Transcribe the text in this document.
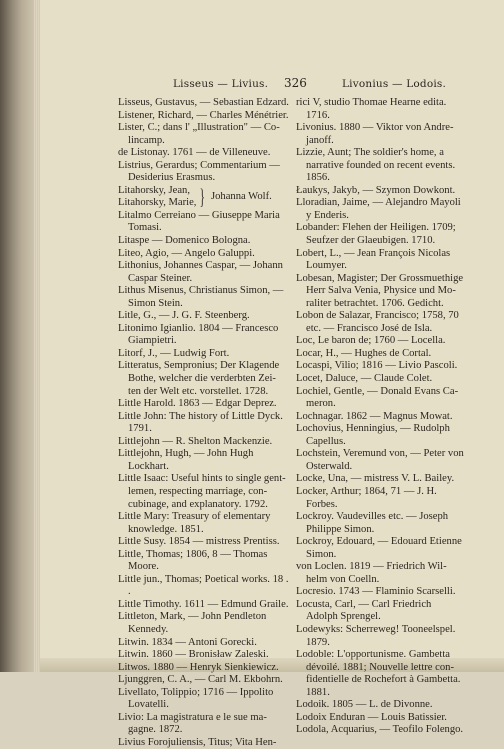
Lisseus — Livius. 326	Livonius — Lodois.
Lisseus, Gustavus, — Sebastian Edzard.
Listener, Richard, — Charles Ménétrier.
Lister, C.; dans l' „Illustration" — Co- lincamp.
de Listonay. 1761 — de Villeneuve.
Listrius, Gerardus; Commentarium — Desiderius Erasmus.
Litahorsky, Jean,
Litahorsky, Marie, } Johanna Wolf.
Litalmo Cerreiano — Giuseppe Maria Tomasi.
Litaspe — Domenico Bologna.
Liteo, Agio, — Angelo Galuppi.
Lithonius, Johannes Caspar, — Johann Caspar Steiner.
Lithus Misenus, Christianus Simon, — Simon Stein.
Litle, G., — J. G. F. Steenberg.
Litonimo Igianlio. 1804 — Francesco Giampietri.
Litorf, J., — Ludwig Fort.
Litteratus, Sempronius; Der Klagende Bothe, welcher die verderbten Zei- ten der Welt etc. vorstellet. 1728.
Little Harold. 1863 — Edgar Deprez.
Little John: The history of Little Dyck. 1791.
Littlejohn — R. Shelton Mackenzie.
Littlejohn, Hugh, — John Hugh Lockhart.
Little Isaac: Useful hints to single gent- lemen, respecting marriage, con- cubinage, and explanatory. 1792.
Little Mary: Treasury of elementary knowledge. 1851.
Little Susy. 1854 — mistress Prentiss.
Little, Thomas; 1806, 8 — Thomas Moore.
Little jun., Thomas; Poetical works. 18 . .
Little Timothy. 1611 — Edmund Graile.
Littleton, Mark, — John Pendleton Kennedy.
Litwin. 1834 — Antoni Gorecki.
Litwin. 1860 — Bronisław Zaleski.
Litwos. 1880 — Henryk Sienkiewicz.
Ljunggren, C. A., — Carl M. Ekbohrn.
Livellato, Tolippio; 1716 — Ippolito Lovatelli.
Livio: La magistratura e le sue ma- gagne. 1872.
Livius Forojuliensis, Titus; Vita Hen-
rici V, studio Thomae Hearne edita. 1716.
Livonius. 1880 — Viktor von Andre- janoff.
Lizzie, Aunt; The soldier's home, a narrative founded on recent events. 1856.
Łaukys, Jakyb, — Szymon Dowkont.
Lloradian, Jaime, — Alejandro Mayoli y Enderis.
Lobander: Flehen der Heiligen. 1709; Seufzer der Glaeubigen. 1710.
Lobert, L., — Jean François Nicolas Loumyer.
Lobesan, Magister; Der Grossmuethige Herr Salva Venia, Physice und Mo- raliter betrachtet. 1706. Gedicht.
Lobon de Salazar, Francisco; 1758, 70 etc. — Francisco José de Isla.
Loc, Le baron de; 1760 — Locella.
Locar, H., — Hughes de Cortal.
Locaspi, Vilio; 1816 — Livio Pascoli.
Locet, Daluce, — Claude Colet.
Lochiel, Gentle, — Donald Evans Ca- meron.
Lochnagar. 1862 — Magnus Mowat.
Lochovius, Henningius, — Rudolph Capellus.
Lochstein, Veremund von, — Peter von Osterwald.
Locke, Una, — mistress V. L. Bailey.
Locker, Arthur; 1864, 71 — J. H. Forbes.
Lockroy. Vaudevilles etc. — Joseph Philippe Simon.
Lockroy, Edouard, — Edouard Etienne Simon.
von Loclen. 1819 — Friedrich Wil- helm von Coelln.
Locresio. 1743 — Flaminio Scarselli.
Locusta, Carl, — Carl Friedrich Adolph Sprengel.
Lodewyks: Scherreweg! Tooneelspel. 1879.
Lodoble: L'opportunisme. Gambetta dévoilé. 1881; Nouvelle lettre con- fidentielle de Rochefort à Gambetta. 1881.
Lodoik. 1805 — L. de Divonne.
Lodoix Enduran — Louis Batissier.
Lodola, Acquarius, — Teofilo Folengo.
